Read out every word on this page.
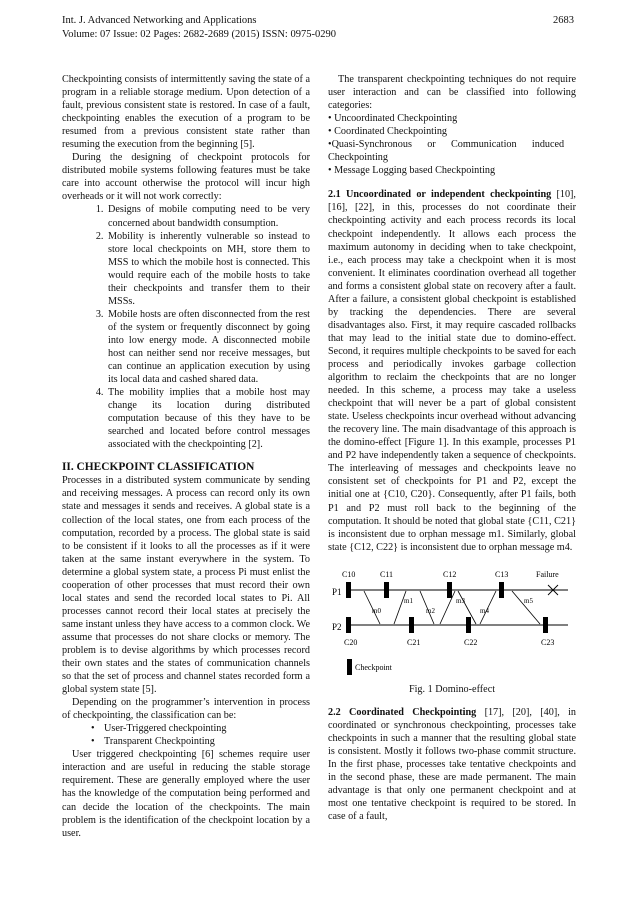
Int. J. Advanced Networking and Applications
Volume: 07 Issue: 02 Pages: 2682-2689 (2015) ISSN: 0975-0290
2683

Checkpointing consists of intermittently saving the state of a program in a reliable storage medium. Upon detection of a fault, previous consistent state is restored. In case of a fault, checkpointing enables the execution of a program to be resumed from a previous consistent state rather than resuming the execution from the beginning [5].

During the designing of checkpoint protocols for distributed mobile systems following features must be take care into account otherwise the protocol will incur high overheads or it will not work correctly:

1. Designs of mobile computing need to be very concerned about bandwidth consumption.
2. Mobility is inherently vulnerable so instead to store local checkpoints on MH, store them to MSS to which the mobile host is connected. This would require each of the mobile hosts to take their checkpoints and transfer them to their MSSs.
3. Mobile hosts are often disconnected from the rest of the system or frequently disconnect by going into low energy mode. A disconnected mobile host can neither send nor receive messages, but can continue an application execution by using its local data and cashed shared data.
4. The mobility implies that a mobile host may change its location during distributed computation because of this they have to be searched and located before control messages associated with the checkpointing [2].
II. CHECKPOINT CLASSIFICATION

Processes in a distributed system communicate by sending and receiving messages. A process can record only its own state and messages it sends and receives. A global state is a collection of the local states, one from each process of the computation, recorded by a process. The global state is said to be consistent if it looks to all the processes as if it were taken at the same instant everywhere in the system. To determine a global system state, a process Pi must enlist the cooperation of other processes that must record their own local states and send the recorded local states to Pi. All processes cannot record their local states at precisely the same instant unless they have access to a common clock. We assume that processes do not share clocks or memory. The problem is to devise algorithms by which processes record their own states and the states of communication channels so that the set of process and channel states recorded form a global system state [5].

Depending on the programmer’s intervention in process of checkpointing, the classification can be:

• User-Triggered checkpointing
• Transparent Checkpointing

User triggered checkpointing [6] schemes require user interaction and are useful in reducing the stable storage requirement. These are generally employed where the user has the knowledge of the computation being performed and can decide the location of the checkpoints. The main problem is the identification of the checkpoint location by a user.

The transparent checkpointing techniques do not require user interaction and can be classified into following categories:

• Uncoordinated Checkpointing

• Coordinated Checkpointing

•Quasi-Synchronous      or      Communication      induced

Checkpointing

• Message Logging based Checkpointing

2.1 Uncoordinated or independent checkpointing [10], [16], [22], in this, processes do not coordinate their checkpointing activity and each process records its local checkpoint independently. It allows each process the maximum autonomy in deciding when to take checkpoint, i.e., each process may take a checkpoint when it is most convenient. It eliminates coordination overhead all together and forms a consistent global state on recovery after a fault. After a failure, a consistent global checkpoint is established by tracking the dependencies. There are several disadvantages also. First, it may require cascaded rollbacks that may lead to the initial state due to domino-effect. Second, it requires multiple checkpoints to be saved for each process and periodically invokes garbage collection algorithm to reclaim the checkpoints that are no longer needed. In this scheme, a process may take a useless checkpoint that will never be a part of global consistent state. Useless checkpoints incur overhead without advancing the recovery line. The main disadvantage of this approach is the domino-effect [Figure 1]. In this example, processes P1 and P2 have independently taken a sequence of checkpoints. The interleaving of messages and checkpoints leave no consistent set of checkpoints for P1 and P2, except the initial one at {C10, C20}. Consequently, after P1 fails, both P1 and P2 must roll back to the beginning of the computation. It should be noted that global state {C11, C21} is inconsistent due to orphan message m1. Similarly, global state {C12, C22} is inconsistent due to orphan message m4.

C10	C11	C12	C13	Failure
P1
P2
C20	C21	C22	C23
m0
m1
m2
m3
m4
m5
Checkpoint

Fig. 1 Domino-effect

2.2 Coordinated Checkpointing [17], [20], [40], in coordinated or synchronous checkpointing, processes take checkpoints in such a manner that the resulting global state is consistent. Mostly it follows two-phase commit structure. In the first phase, processes take tentative checkpoints and in the second phase, these are made permanent. The main advantage is that only one permanent checkpoint and at most one tentative checkpoint is required to be stored. In case of a fault,
